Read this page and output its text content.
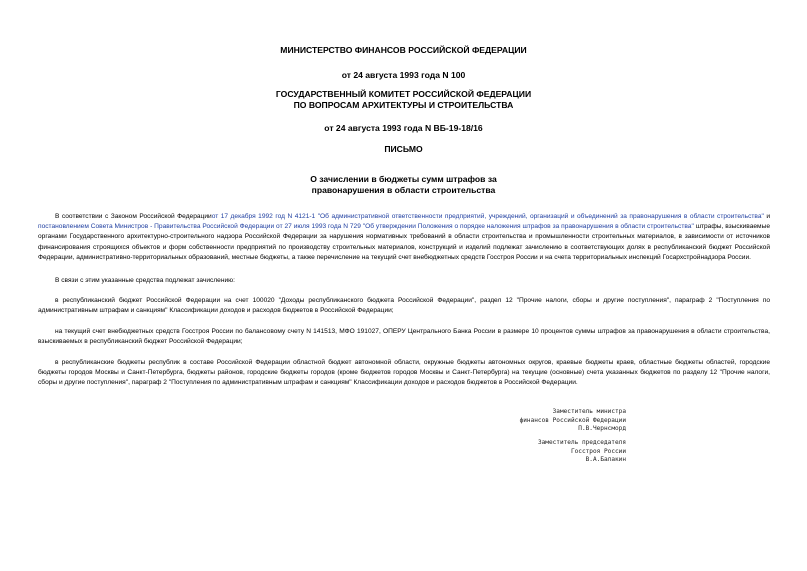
МИНИСТЕРСТВО ФИНАНСОВ РОССИЙСКОЙ ФЕДЕРАЦИИ
от 24 августа 1993 года N 100
ГОСУДАРСТВЕННЫЙ КОМИТЕТ РОССИЙСКОЙ ФЕДЕРАЦИИ
ПО ВОПРОСАМ АРХИТЕКТУРЫ И СТРОИТЕЛЬСТВА
от 24 августа 1993 года N ВБ-19-18/16
ПИСЬМО
О зачислении в бюджеты сумм штрафов за
правонарушения в области строительства
В соответствии с Законом Российской Федерацииот 17 декабря 1992 год N 4121-1 "Об административной ответственности предприятий, учреждений, организаций и объединений за правонарушения в области строительства" и постановлением Совета Министров - Правительства Российской Федерации от 27 июля 1993 года N 729 "Об утверждении Положения о порядке наложения штрафов за правонарушения в области строительства" штрафы, взыскиваемые органами Государственного архитектурно-строительного надзора Российской Федерации за нарушения нормативных требований в области строительства и промышленности строительных материалов, в зависимости от источников финансирования строящихся объектов и форм собственности предприятий по производству строительных материалов, конструкций и изделий подлежат зачислению в соответствующих долях в республиканский бюджет Российской Федерации, административно-территориальных образований, местные бюджеты, а также перечисление на текущий счет внебюджетных средств Госстроя России и на счета территориальных инспекций Госархстройнадзора России.
В связи с этим указанные средства подлежат зачислению:
в республиканский бюджет Российской Федерации на счет 100020 "Доходы республиканского бюджета Российской Федерации", раздел 12 "Прочие налоги, сборы и другие поступления", параграф 2 "Поступления по административным штрафам и санкциям" Классификации доходов и расходов бюджетов в Российской Федерации;
на текущий счет внебюджетных средств Госстроя России по балансовому счету N 141513, МФО 191027, ОПЕРУ Центрального Банка России в размере 10 процентов суммы штрафов за правонарушения в области строительства, взыскиваемых в республиканский бюджет Российской Федерации;
в республиканские бюджеты республик в составе Российской Федерации областной бюджет автономной области, окружные бюджеты автономных округов, краевые бюджеты краев, областные бюджеты областей, городские бюджеты городов Москвы и Санкт-Петербурга, бюджеты районов, городские бюджеты городов (кроме бюджетов городов Москвы и Санкт-Петербурга) на текущие (основные) счета указанных бюджетов по разделу 12 "Прочие налоги, сборы и другие поступления", параграф 2 "Поступления по административным штрафам и санкциям" Классификации доходов и расходов бюджетов в Российской Федерации.
Заместитель министра
финансов Российской Федерации
П.В.Чернсморд
Заместитель председателя
Госстроя России
В.А.Балакин
